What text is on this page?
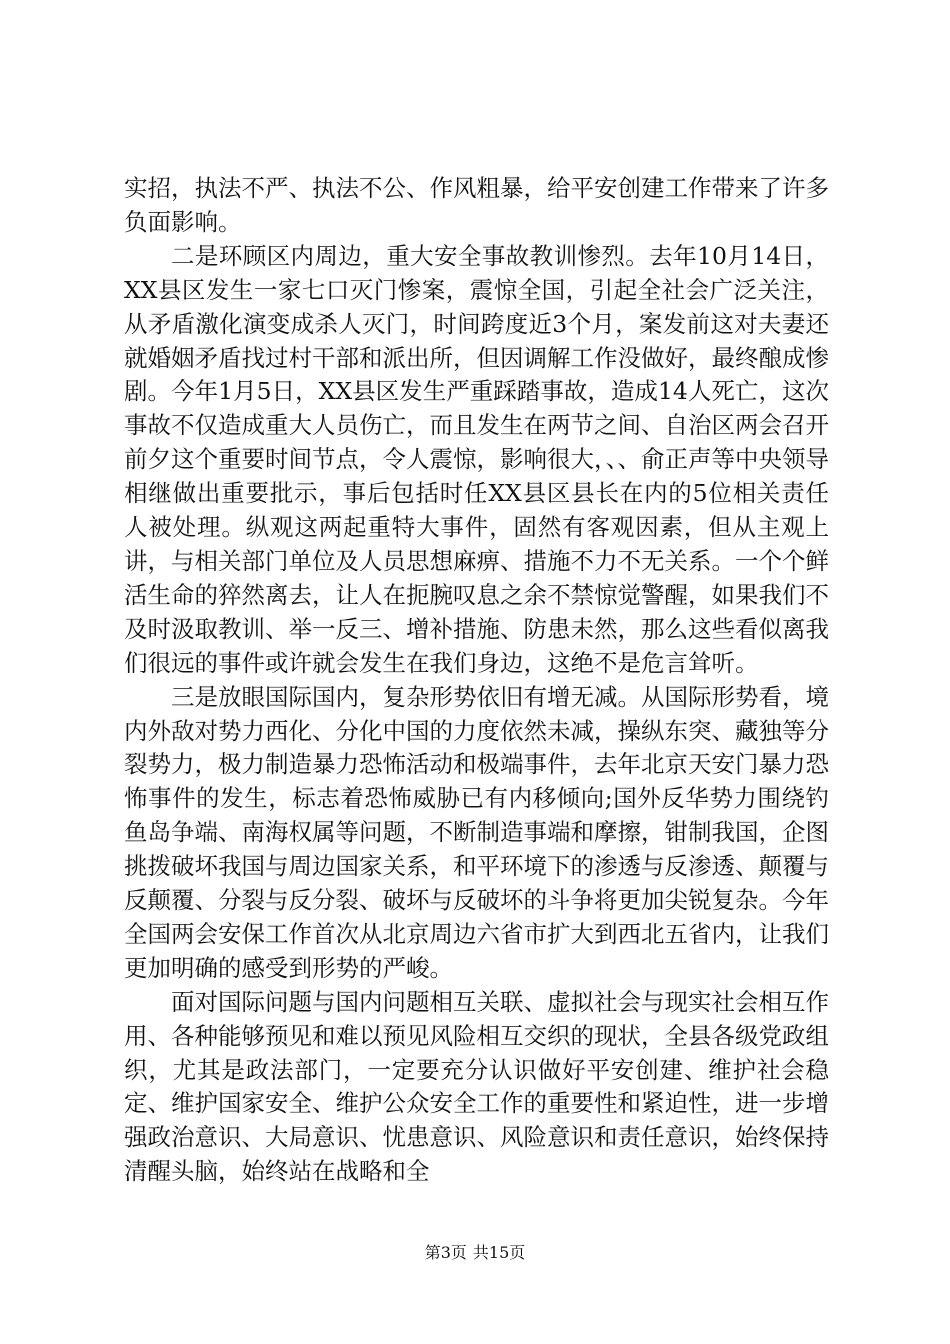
实招，执法不严、执法不公、作风粗暴，给平安创建工作带来了许多负面影响。

二是环顾区内周边，重大安全事故教训惨烈。去年10月14日，XX县区发生一家七口灭门惨案，震惊全国，引起全社会广泛关注，从矛盾激化演变成杀人灭门，时间跨度近3个月，案发前这对夫妻还就婚姻矛盾找过村干部和派出所，但因调解工作没做好，最终酿成惨剧。今年1月5日，XX县区发生严重踩踏事故，造成14人死亡，这次事故不仅造成重大人员伤亡，而且发生在两节之间、自治区两会召开前夕这个重要时间节点，令人震惊，影响很大，、、俞正声等中央领导相继做出重要批示，事后包括时任XX县区县长在内的5位相关责任人被处理。纵观这两起重特大事件，固然有客观因素，但从主观上讲，与相关部门单位及人员思想麻痹、措施不力不无关系。一个个鲜活生命的猝然离去，让人在扼腕叹息之余不禁惊觉警醒，如果我们不及时汲取教训、举一反三、增补措施、防患未然，那么这些看似离我们很远的事件或许就会发生在我们身边，这绝不是危言耸听。

三是放眼国际国内，复杂形势依旧有增无减。从国际形势看，境内外敌对势力西化、分化中国的力度依然未减，操纵东突、藏独等分裂势力，极力制造暴力恐怖活动和极端事件，去年北京天安门暴力恐怖事件的发生，标志着恐怖威胁已有内移倾向;国外反华势力围绕钓鱼岛争端、南海权属等问题，不断制造事端和摩擦，钳制我国，企图挑拨破坏我国与周边国家关系，和平环境下的渗透与反渗透、颠覆与反颠覆、分裂与反分裂、破坏与反破坏的斗争将更加尖锐复杂。今年全国两会安保工作首次从北京周边六省市扩大到西北五省内，让我们更加明确的感受到形势的严峻。

面对国际问题与国内问题相互关联、虚拟社会与现实社会相互作用、各种能够预见和难以预见风险相互交织的现状，全县各级党政组织，尤其是政法部门，一定要充分认识做好平安创建、维护社会稳定、维护国家安全、维护公众安全工作的重要性和紧迫性，进一步增强政治意识、大局意识、忧患意识、风险意识和责任意识，始终保持清醒头脑，始终站在战略和全

第3页 共15页
